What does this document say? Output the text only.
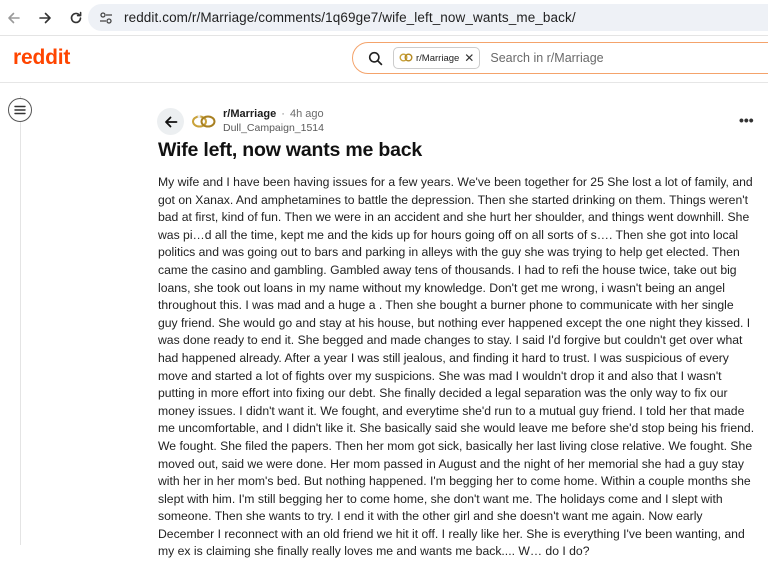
reddit.com/r/Marriage/comments/1q69ge7/wife_left_now_wants_me_back/
reddit	r/Marriage ✕ Search in r/Marriage
r/Marriage · 4h ago
Dull_Campaign_1514	•••
Wife left, now wants me back

My wife and I have been having issues for a few years. We've been together for 25 She lost a lot of family, and got on Xanax. And amphetamines to battle the depression. Then she started drinking on them. Things weren't bad at first, kind of fun. Then we were in an accident and she hurt her shoulder, and things went downhill. She was pi…d all the time, kept me and the kids up for hours going off on all sorts of s…. Then she got into local politics and was going out to bars and parking in alleys with the guy she was trying to help get elected. Then came the casino and gambling. Gambled away tens of thousands. I had to refi the house twice, take out big loans, she took out loans in my name without my knowledge. Don't get me wrong, i wasn't being an angel throughout this. I was mad and a huge a . Then she bought a burner phone to communicate with her single guy friend. She would go and stay at his house, but nothing ever happened except the one night they kissed. I was done ready to end it. She begged and made changes to stay. I said I'd forgive but couldn't get over what had happened already. After a year I was still jealous, and finding it hard to trust. I was suspicious of every move and started a lot of fights over my suspicions. She was mad I wouldn't drop it and also that I wasn't putting in more effort into fixing our debt. She finally decided a legal separation was the only way to fix our money issues. I didn't want it. We fought, and everytime she'd run to a mutual guy friend. I told her that made me uncomfortable, and I didn't like it. She basically said she would leave me before she'd stop being his friend. We fought. She filed the papers. Then her mom got sick, basically her last living close relative. We fought. She moved out, said we were done. Her mom passed in August and the night of her memorial she had a guy stay with her in her mom's bed. But nothing happened. I'm begging her to come home. Within a couple months she slept with him. I'm still begging her to come home, she don't want me. The holidays come and I slept with someone. Then she wants to try. I end it with the other girl and she doesn't want me again. Now early December I reconnect with an old friend we hit it off. I really like her. She is everything I've been wanting, and my ex is claiming she finally really loves me and wants me back.... W… do I do?
